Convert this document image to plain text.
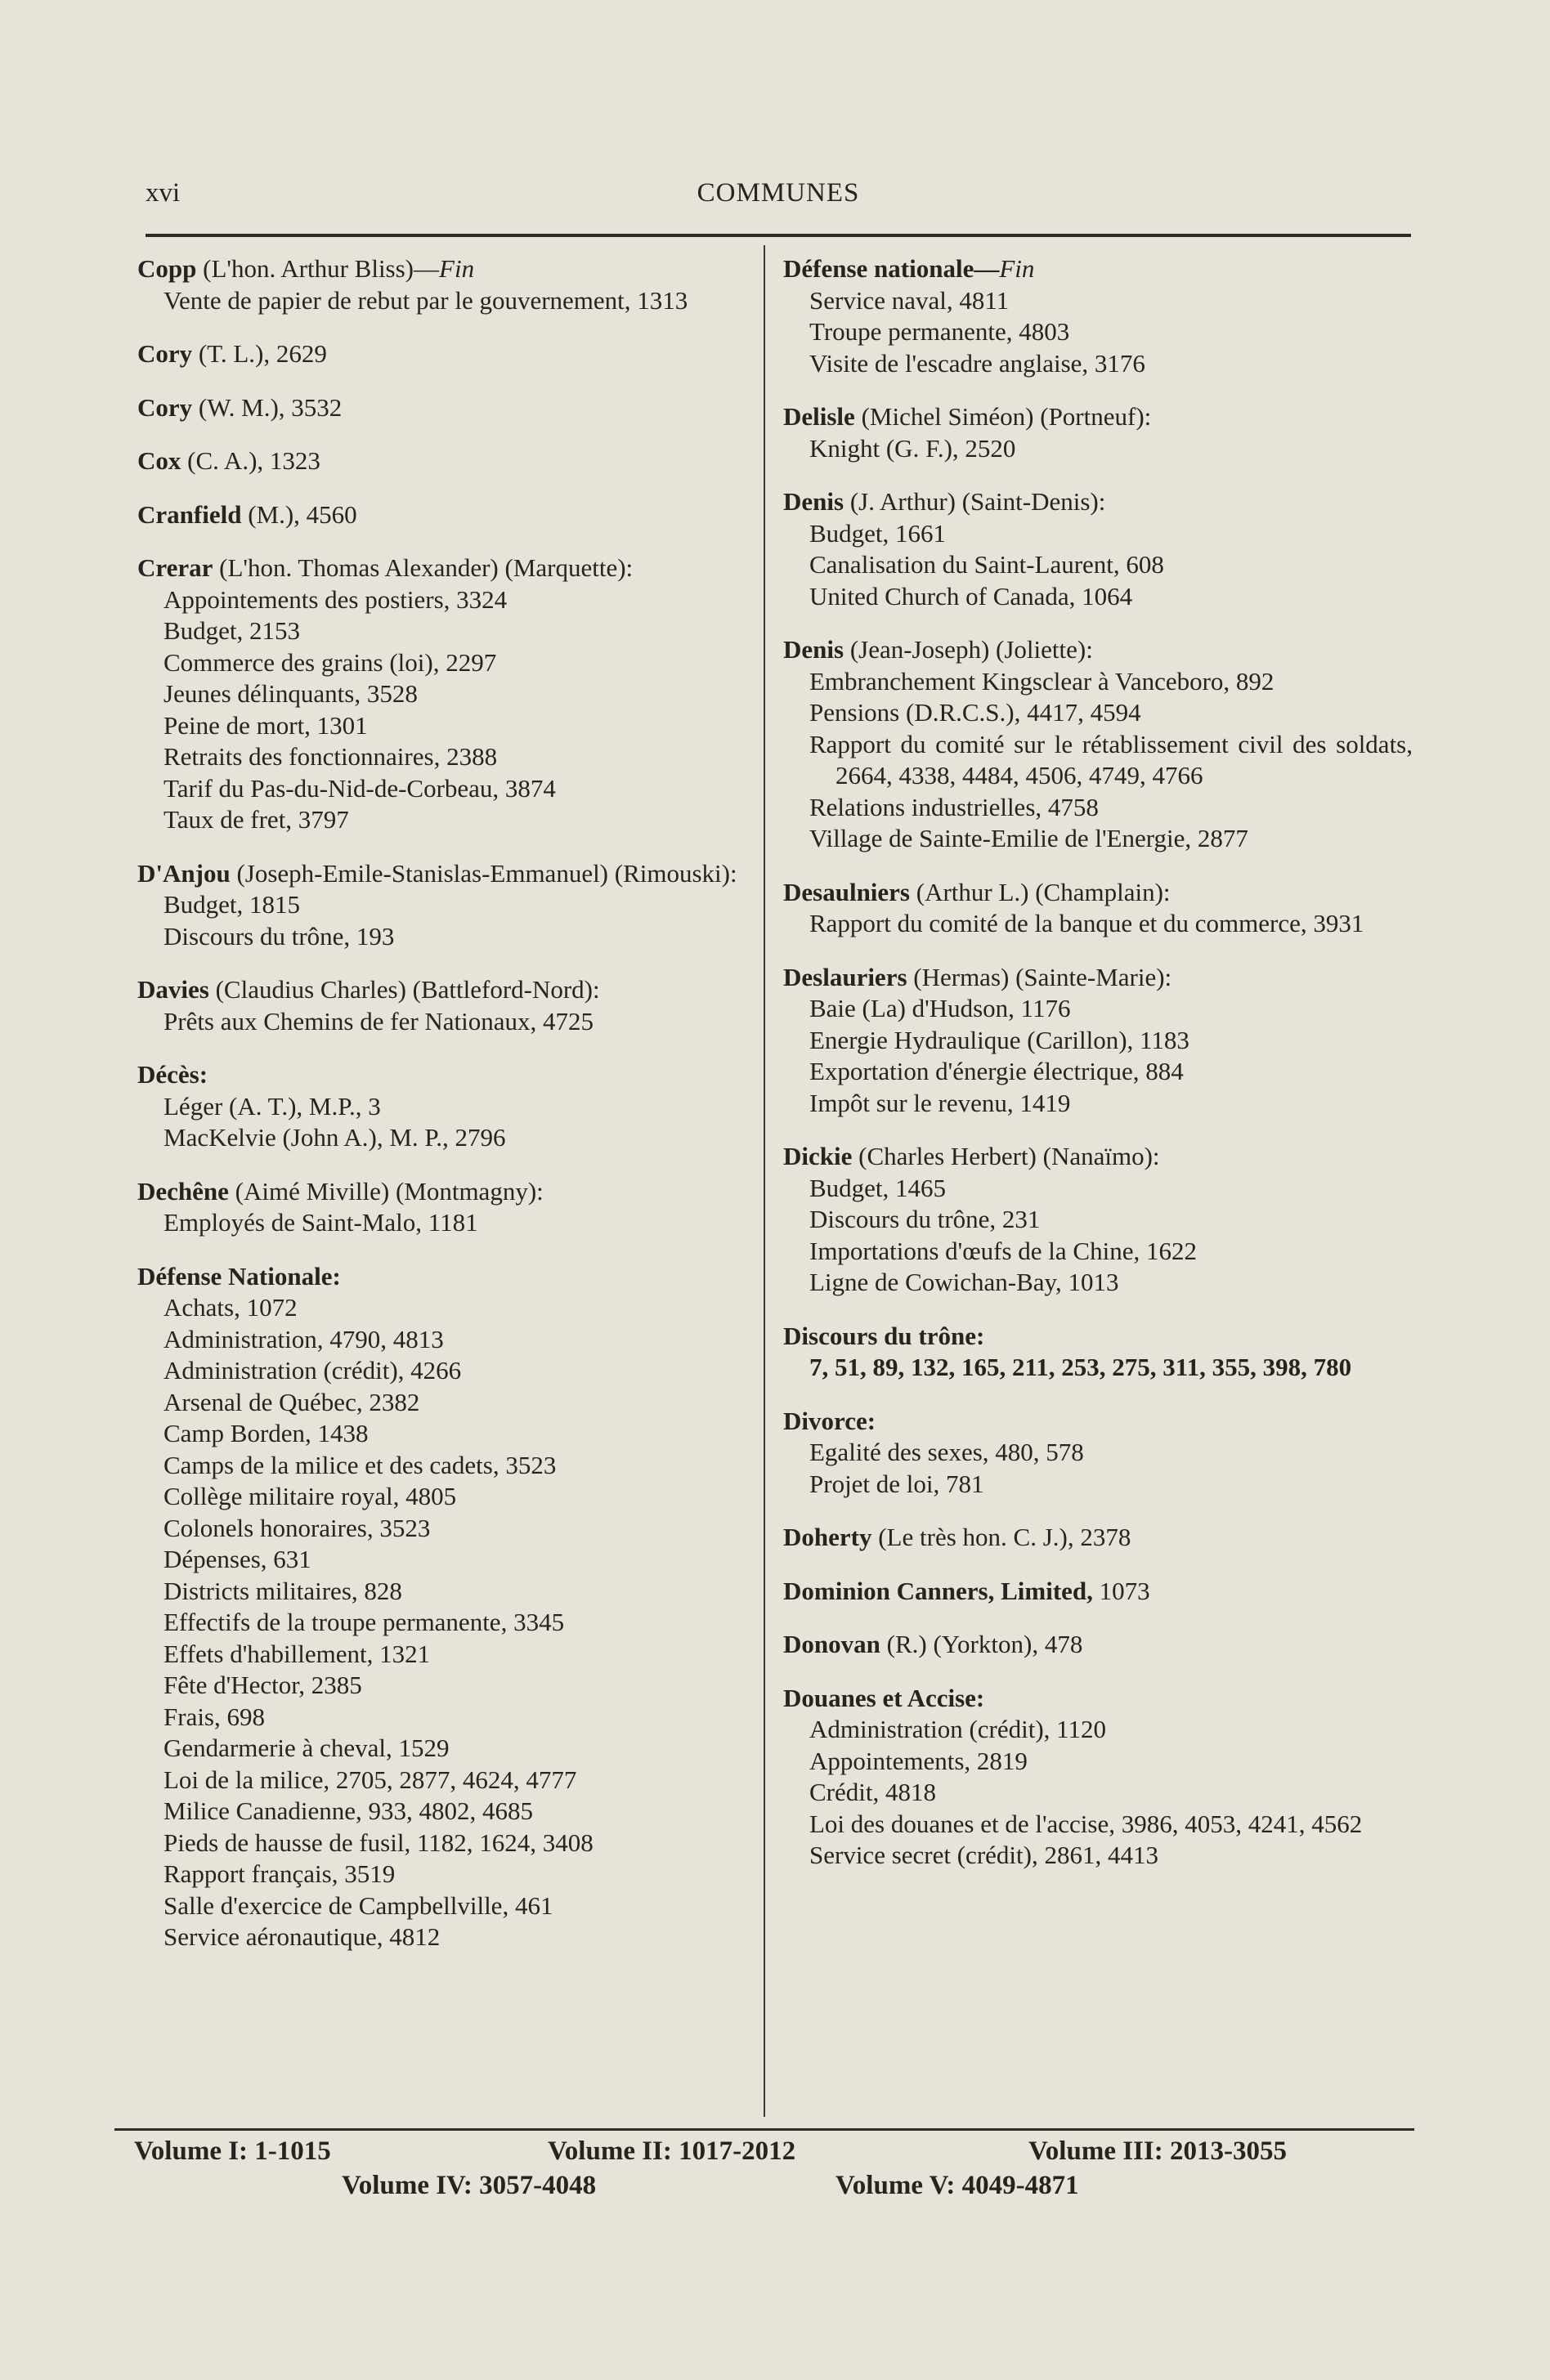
xvi	COMMUNES
Copp (L'hon. Arthur Bliss)—Fin
Vente de papier de rebut par le gouvernement, 1313
Cory (T. L.), 2629
Cory (W. M.), 3532
Cox (C. A.), 1323
Cranfield (M.), 4560
Crerar (L'hon. Thomas Alexander) (Marquette):
Appointements des postiers, 3324
Budget, 2153
Commerce des grains (loi), 2297
Jeunes délinquants, 3528
Peine de mort, 1301
Retraits des fonctionnaires, 2388
Tarif du Pas-du-Nid-de-Corbeau, 3874
Taux de fret, 3797
D'Anjou (Joseph-Emile-Stanislas-Emmanuel) (Rimouski):
Budget, 1815
Discours du trône, 193
Davies (Claudius Charles) (Battleford-Nord):
Prêts aux Chemins de fer Nationaux, 4725
Décès:
Léger (A. T.), M.P., 3
MacKelvie (John A.), M. P., 2796
Dechêne (Aimé Miville) (Montmagny):
Employés de Saint-Malo, 1181
Défense Nationale:
Achats, 1072
Administration, 4790, 4813
Administration (crédit), 4266
Arsenal de Québec, 2382
Camp Borden, 1438
Camps de la milice et des cadets, 3523
Collège militaire royal, 4805
Colonels honoraires, 3523
Dépenses, 631
Districts militaires, 828
Effectifs de la troupe permanente, 3345
Effets d'habillement, 1321
Fête d'Hector, 2385
Frais, 698
Gendarmerie à cheval, 1529
Loi de la milice, 2705, 2877, 4624, 4777
Milice Canadienne, 933, 4802, 4685
Pieds de hausse de fusil, 1182, 1624, 3408
Rapport français, 3519
Salle d'exercice de Campbellville, 461
Service aéronautique, 4812
Défense nationale—Fin
Service naval, 4811
Troupe permanente, 4803
Visite de l'escadre anglaise, 3176
Delisle (Michel Siméon) (Portneuf):
Knight (G. F.), 2520
Denis (J. Arthur) (Saint-Denis):
Budget, 1661
Canalisation du Saint-Laurent, 608
United Church of Canada, 1064
Denis (Jean-Joseph) (Joliette):
Embranchement Kingsclear à Vanceboro, 892
Pensions (D.R.C.S.), 4417, 4594
Rapport du comité sur le rétablissement civil des soldats, 2664, 4338, 4484, 4506, 4749, 4766
Relations industrielles, 4758
Village de Sainte-Emilie de l'Energie, 2877
Desaulniers (Arthur L.) (Champlain):
Rapport du comité de la banque et du commerce, 3931
Deslauriers (Hermas) (Sainte-Marie):
Baie (La) d'Hudson, 1176
Energie Hydraulique (Carillon), 1183
Exportation d'énergie électrique, 884
Impôt sur le revenu, 1419
Dickie (Charles Herbert) (Nanaïmo):
Budget, 1465
Discours du trône, 231
Importations d'œufs de la Chine, 1622
Ligne de Cowichan-Bay, 1013
Discours du trône:
7, 51, 89, 132, 165, 211, 253, 275, 311, 355, 398, 780
Divorce:
Egalité des sexes, 480, 578
Projet de loi, 781
Doherty (Le très hon. C. J.), 2378
Dominion Canners, Limited, 1073
Donovan (R.) (Yorkton), 478
Douanes et Accise:
Administration (crédit), 1120
Appointements, 2819
Crédit, 4818
Loi des douanes et de l'accise, 3986, 4053, 4241, 4562
Service secret (crédit), 2861, 4413
Volume I: 1-1015	Volume II: 1017-2012	Volume III: 2013-3055
Volume IV: 3057-4048	Volume V: 4049-4871
